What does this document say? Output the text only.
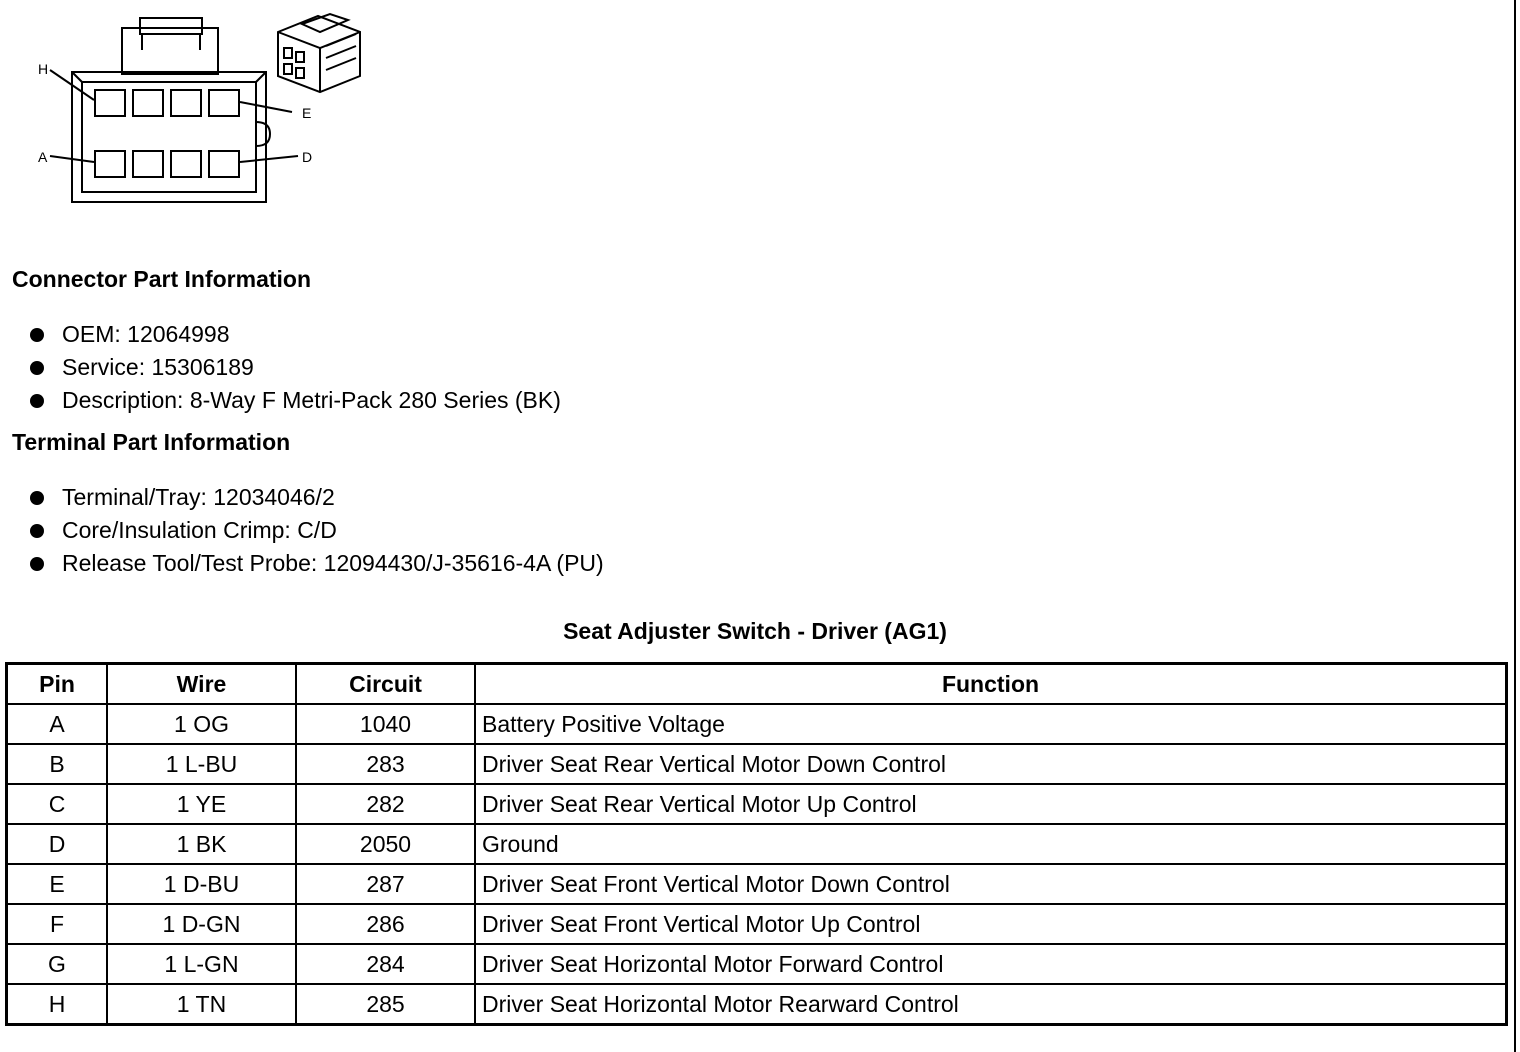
H
E
A	D
Connector Part Information
OEM: 12064998
Service: 15306189
Description: 8-Way F Metri-Pack 280 Series (BK)
Terminal Part Information
Terminal/Tray: 12034046/2
Core/Insulation Crimp: C/D
Release Tool/Test Probe: 12094430/J-35616-4A (PU)

Seat Adjuster Switch - Driver (AG1)

Pin	Wire	Circuit	Function
A	1 OG	1040	Battery Positive Voltage
B	1 L-BU	283	Driver Seat Rear Vertical Motor Down Control
C	1 YE	282	Driver Seat Rear Vertical Motor Up Control
D	1 BK	2050	Ground
E	1 D-BU	287	Driver Seat Front Vertical Motor Down Control
F	1 D-GN	286	Driver Seat Front Vertical Motor Up Control
G	1 L-GN	284	Driver Seat Horizontal Motor Forward Control
H	1 TN	285	Driver Seat Horizontal Motor Rearward Control
